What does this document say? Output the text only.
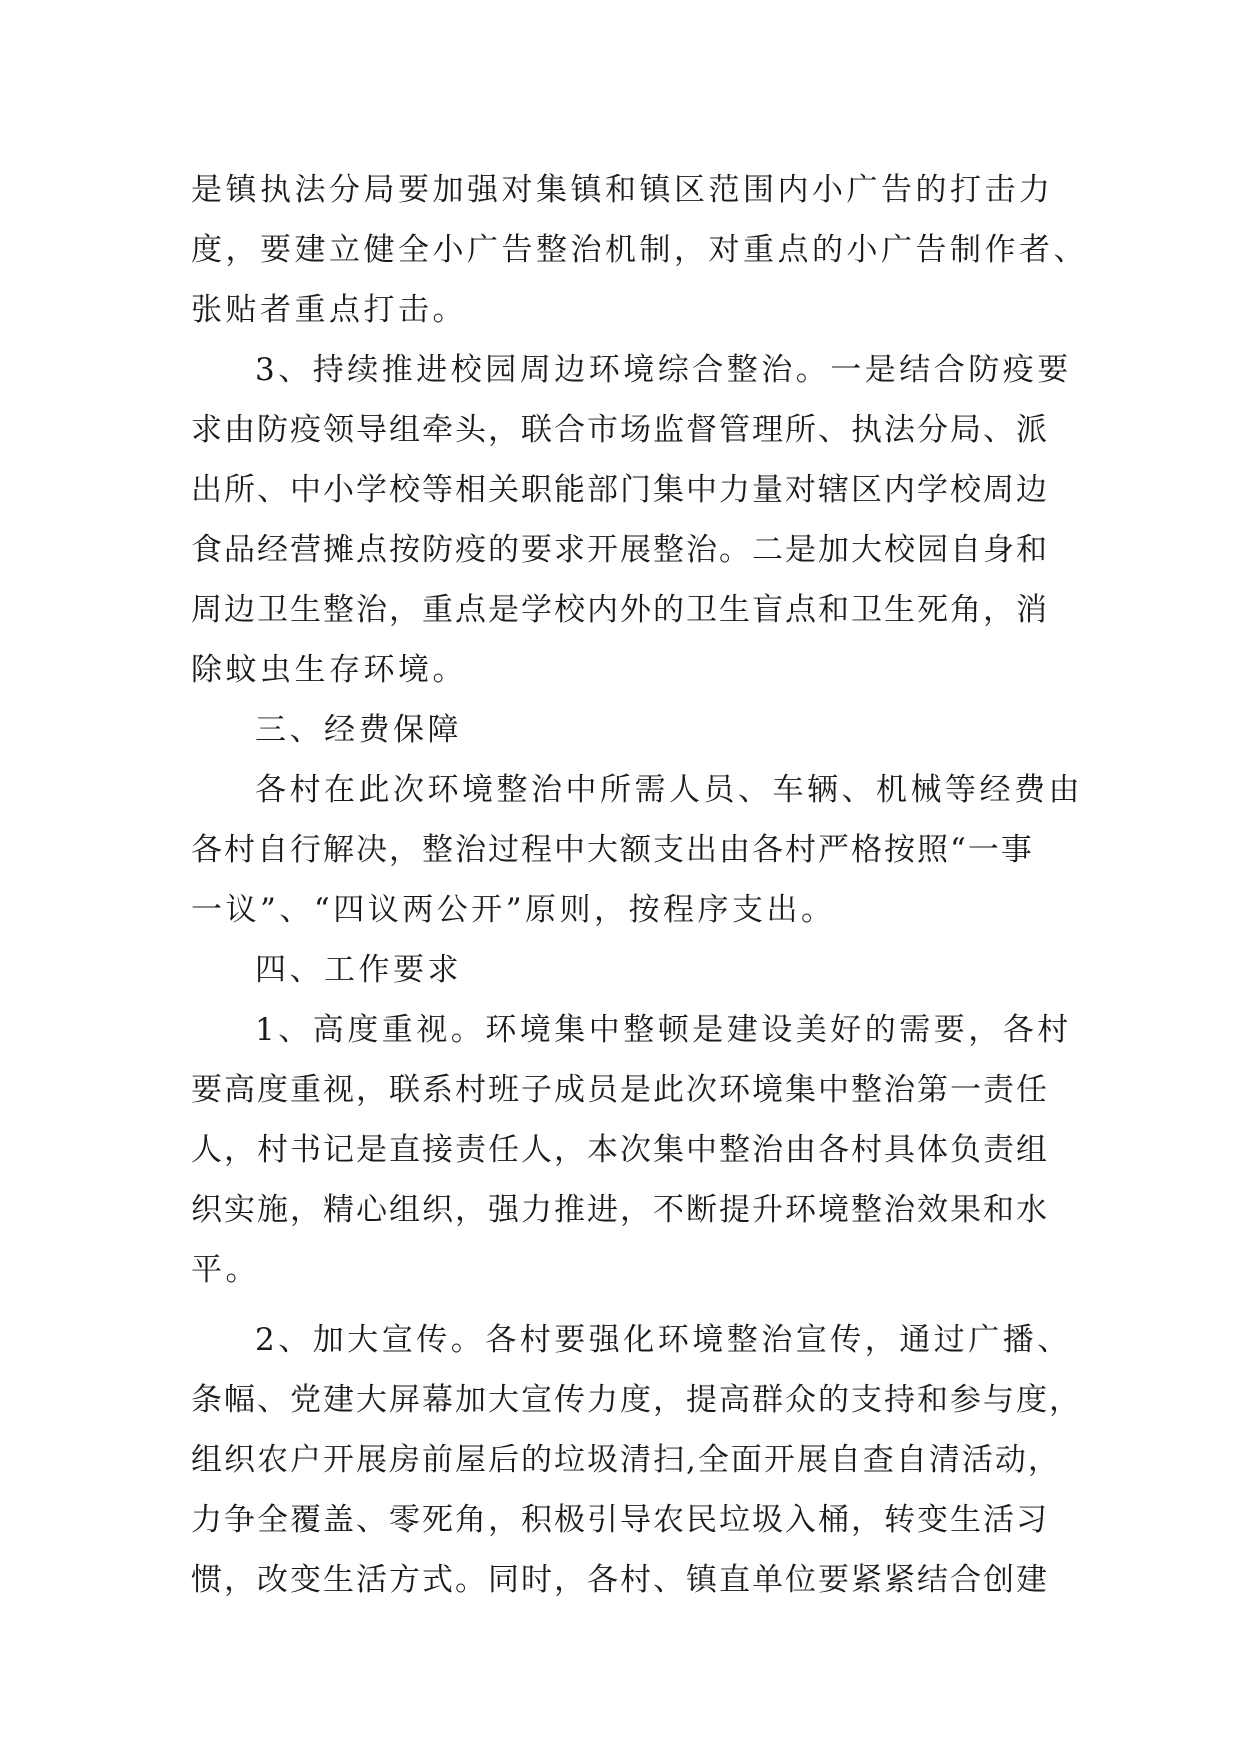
是镇执法分局要加强对集镇和镇区范围内小广告的打击力
度，要建立健全小广告整治机制，对重点的小广告制作者、
张贴者重点打击。
3、持续推进校园周边环境综合整治。一是结合防疫要
求由防疫领导组牵头，联合市场监督管理所、执法分局、派
出所、中小学校等相关职能部门集中力量对辖区内学校周边
食品经营摊点按防疫的要求开展整治。二是加大校园自身和
周边卫生整治，重点是学校内外的卫生盲点和卫生死角，消
除蚊虫生存环境。
三、经费保障
各村在此次环境整治中所需人员、车辆、机械等经费由
各村自行解决，整治过程中大额支出由各村严格按照“一事
一议”、“四议两公开”原则，按程序支出。
四、工作要求
1、高度重视。环境集中整顿是建设美好的需要，各村
要高度重视，联系村班子成员是此次环境集中整治第一责任
人，村书记是直接责任人，本次集中整治由各村具体负责组
织实施，精心组织，强力推进，不断提升环境整治效果和水
平。
2、加大宣传。各村要强化环境整治宣传，通过广播、
条幅、党建大屏幕加大宣传力度，提高群众的支持和参与度，
组织农户开展房前屋后的垃圾清扫,全面开展自查自清活动，
力争全覆盖、零死角，积极引导农民垃圾入桶，转变生活习
惯，改变生活方式。同时，各村、镇直单位要紧紧结合创建
